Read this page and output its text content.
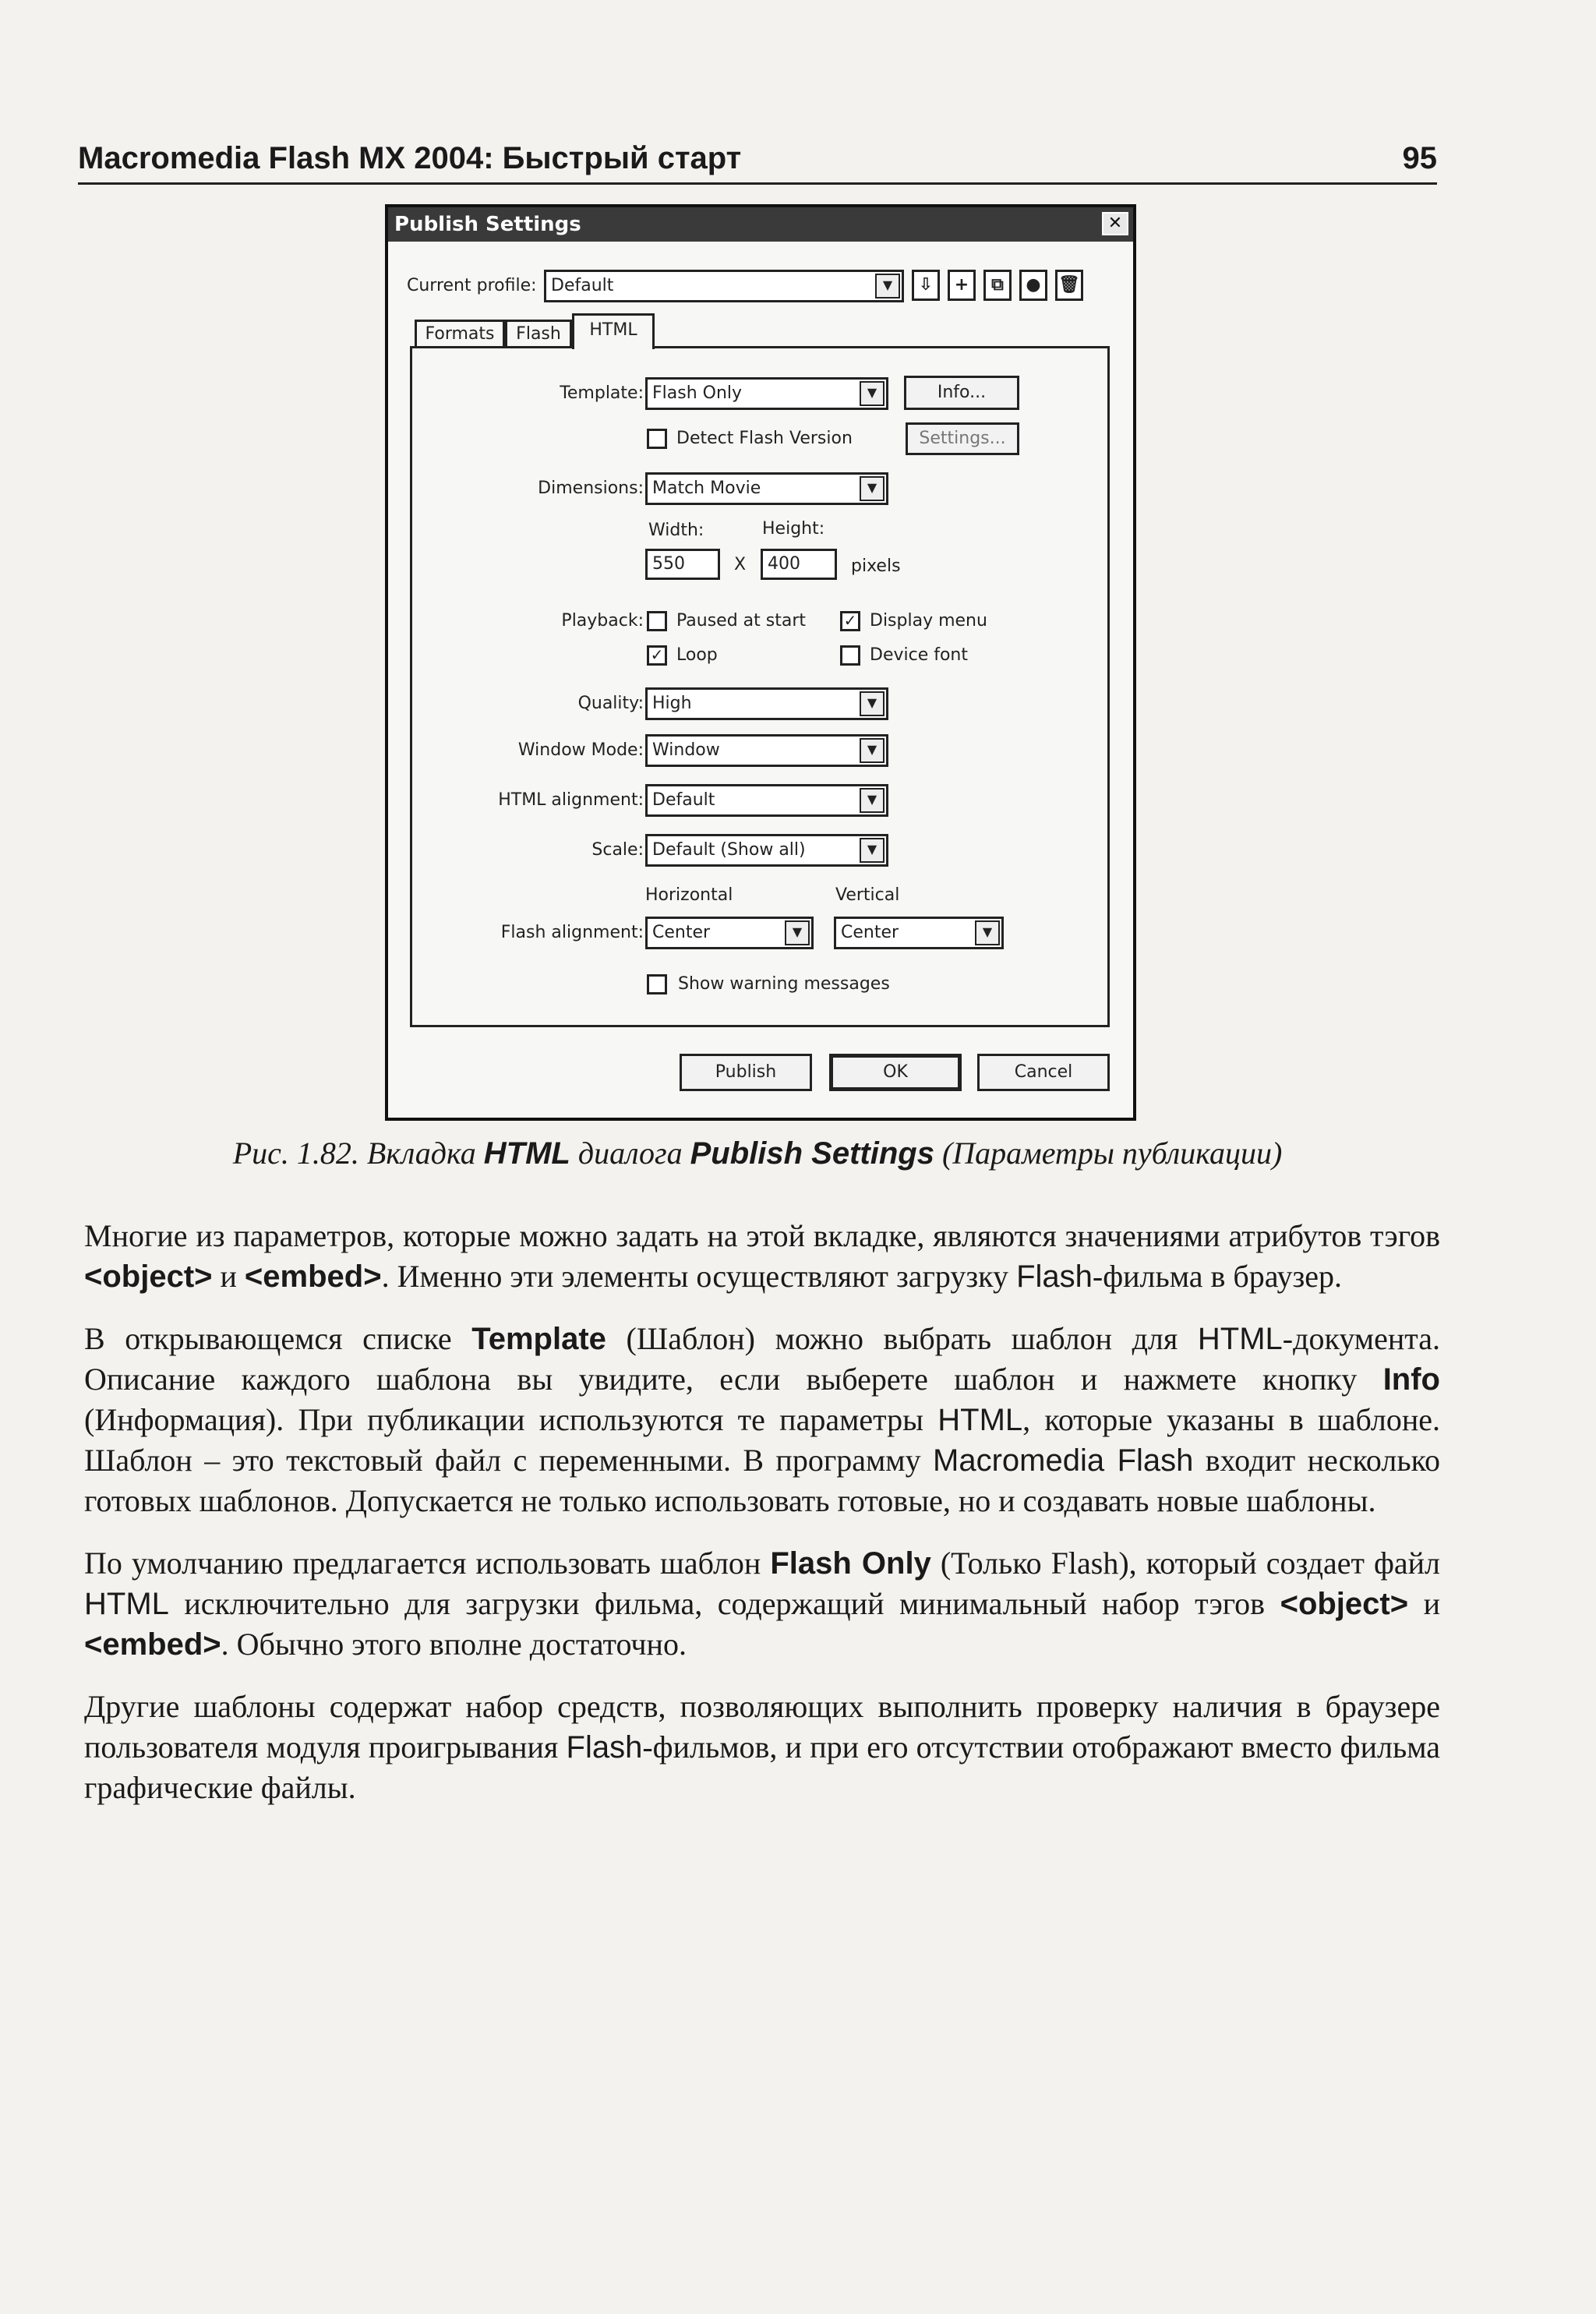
Macromedia Flash MX 2004: Быстрый старт	95
Publish Settings	✕
Current profile: Default	▼	⇩	+	⧉	●	🗑
Formats	Flash	HTML
Template: Flash Only	▼	Info...
Detect Flash Version	Settings...
Dimensions: Match Movie	▼
Width:	Height:
550	X	400	pixels
Playback: Paused at start ✓ Display menu
✓ Loop	Device font
Quality: High	▼
Window Mode: Window	▼
HTML alignment: Default	▼
Scale: Default (Show all)	▼
Horizontal	Vertical
Flash alignment: Center	▼	Center	▼
Show warning messages
Publish	OK	Cancel
Рис. 1.82. Вкладка HTML диалога Publish Settings (Параметры публикации)

Многие из параметров, которые можно задать на этой вкладке, являются значениями атрибутов тэгов <object> и <embed>. Именно эти элементы осуществляют загрузку Flash-фильма в браузер.

В открывающемся списке Template (Шаблон) можно выбрать шаблон для HTML-документа. Описание каждого шаблона вы увидите, если выберете шаблон и нажмете кнопку Info (Информация). При публикации используются те параметры HTML, которые указаны в шаблоне. Шаблон – это текстовый файл с переменными. В программу Macromedia Flash входит несколько готовых шаблонов. Допускается не только использовать готовые, но и создавать новые шаблоны.

По умолчанию предлагается использовать шаблон Flash Only (Только Flash), который создает файл HTML исключительно для загрузки фильма, содержащий минимальный набор тэгов <object> и <embed>. Обычно этого вполне достаточно.

Другие шаблоны содержат набор средств, позволяющих выполнить проверку наличия в браузере пользователя модуля проигрывания Flash-фильмов, и при его отсутствии отображают вместо фильма графические файлы.
